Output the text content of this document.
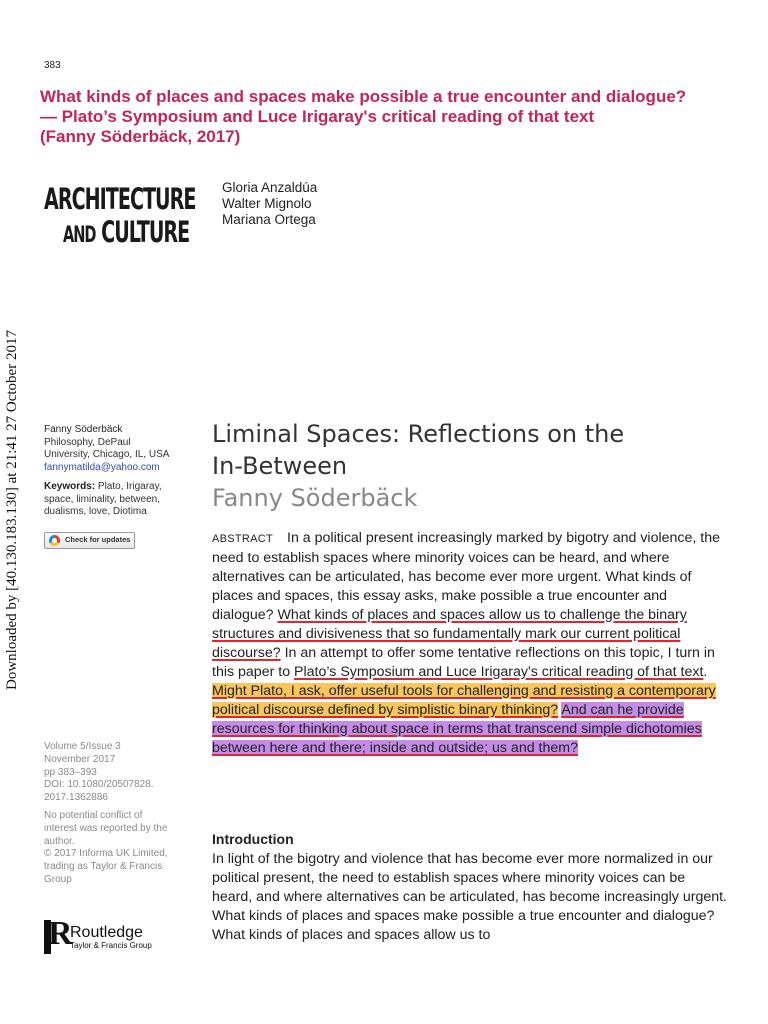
383
What kinds of places and spaces make possible a true encounter and dialogue?
— Plato’s Symposium and Luce Irigaray's critical reading of that text
(Fanny Söderbäck, 2017)
ARCHITECTURE
AND CULTURE
Gloria Anzaldúa
Walter Mignolo
Mariana Ortega
Downloaded by [40.130.183.130] at 21:41 27 October 2017 Fanny Söderbäck
Philosophy, DePaul
University, Chicago, IL, USA
fannymatilda@yahoo.com
Keywords: Plato, Irigaray,
space, liminality, between,
dualisms, love, Diotima
Check for updates
Volume 5/Issue 3
November 2017
pp 383–393
DOI: 10.1080/20507828.
2017.1362886
No potential conflict of
interest was reported by the
author.
© 2017 Informa UK Limited,
trading as Taylor & Francis
Group
R
Routledge
Taylor & Francis Group
Liminal Spaces: Reflections on the
In-Between
Fanny Söderbäck
ABSTRACT In a political present increasingly marked by bigotry and violence, the need to establish spaces where minority voices can be heard, and where alternatives can be articulated, has become ever more urgent. What kinds of places and spaces, this essay asks, make possible a true encounter and dialogue? What kinds of places and spaces allow us to challenge the binary structures and divisiveness that so fundamentally mark our current political discourse? In an attempt to offer some tentative reflections on this topic, I turn in this paper to Plato’s Symposium and Luce Irigaray's critical reading of that text. Might Plato, I ask, offer useful tools for challenging and resisting a contemporary political discourse defined by simplistic binary thinking? And can he provide resources for thinking about space in terms that transcend simple dichotomies between here and there; inside and outside; us and them?
Introduction
In light of the bigotry and violence that has become ever more normalized in our political present, the need to establish spaces where minority voices can be heard, and where alternatives can be articulated, has become increasingly urgent. What kinds of places and spaces make possible a true encounter and dialogue? What kinds of places and spaces allow us to
